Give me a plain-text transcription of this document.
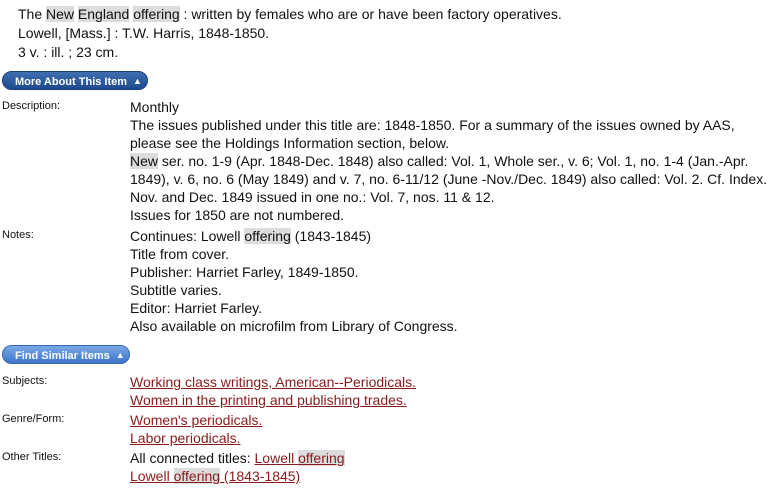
The New England offering : written by females who are or have been factory operatives.
Lowell, [Mass.] : T.W. Harris, 1848-1850.
3 v. : ill. ; 23 cm.
More About This Item ▲
Description:	Monthly
The issues published under this title are: 1848-1850. For a summary of the issues owned by AAS,
please see the Holdings Information section, below.
New ser. no. 1-9 (Apr. 1848-Dec. 1848) also called: Vol. 1, Whole ser., v. 6; Vol. 1, no. 1-4 (Jan.-Apr.
1849), v. 6, no. 6 (May 1849) and v. 7, no. 6-11/12 (June -Nov./Dec. 1849) also called: Vol. 2. Cf. Index.
Nov. and Dec. 1849 issued in one no.: Vol. 7, nos. 11 & 12.
Issues for 1850 are not numbered.
Notes:	Continues: Lowell offering (1843-1845)
Title from cover.
Publisher: Harriet Farley, 1849-1850.
Subtitle varies.
Editor: Harriet Farley.
Also available on microfilm from Library of Congress.
Find Similar Items ▲
Subjects:	Working class writings, American--Periodicals.
Women in the printing and publishing trades.
Genre/Form:	Women's periodicals.
Labor periodicals.
Other Titles:	All connected titles: Lowell offering
Lowell offering (1843-1845)
